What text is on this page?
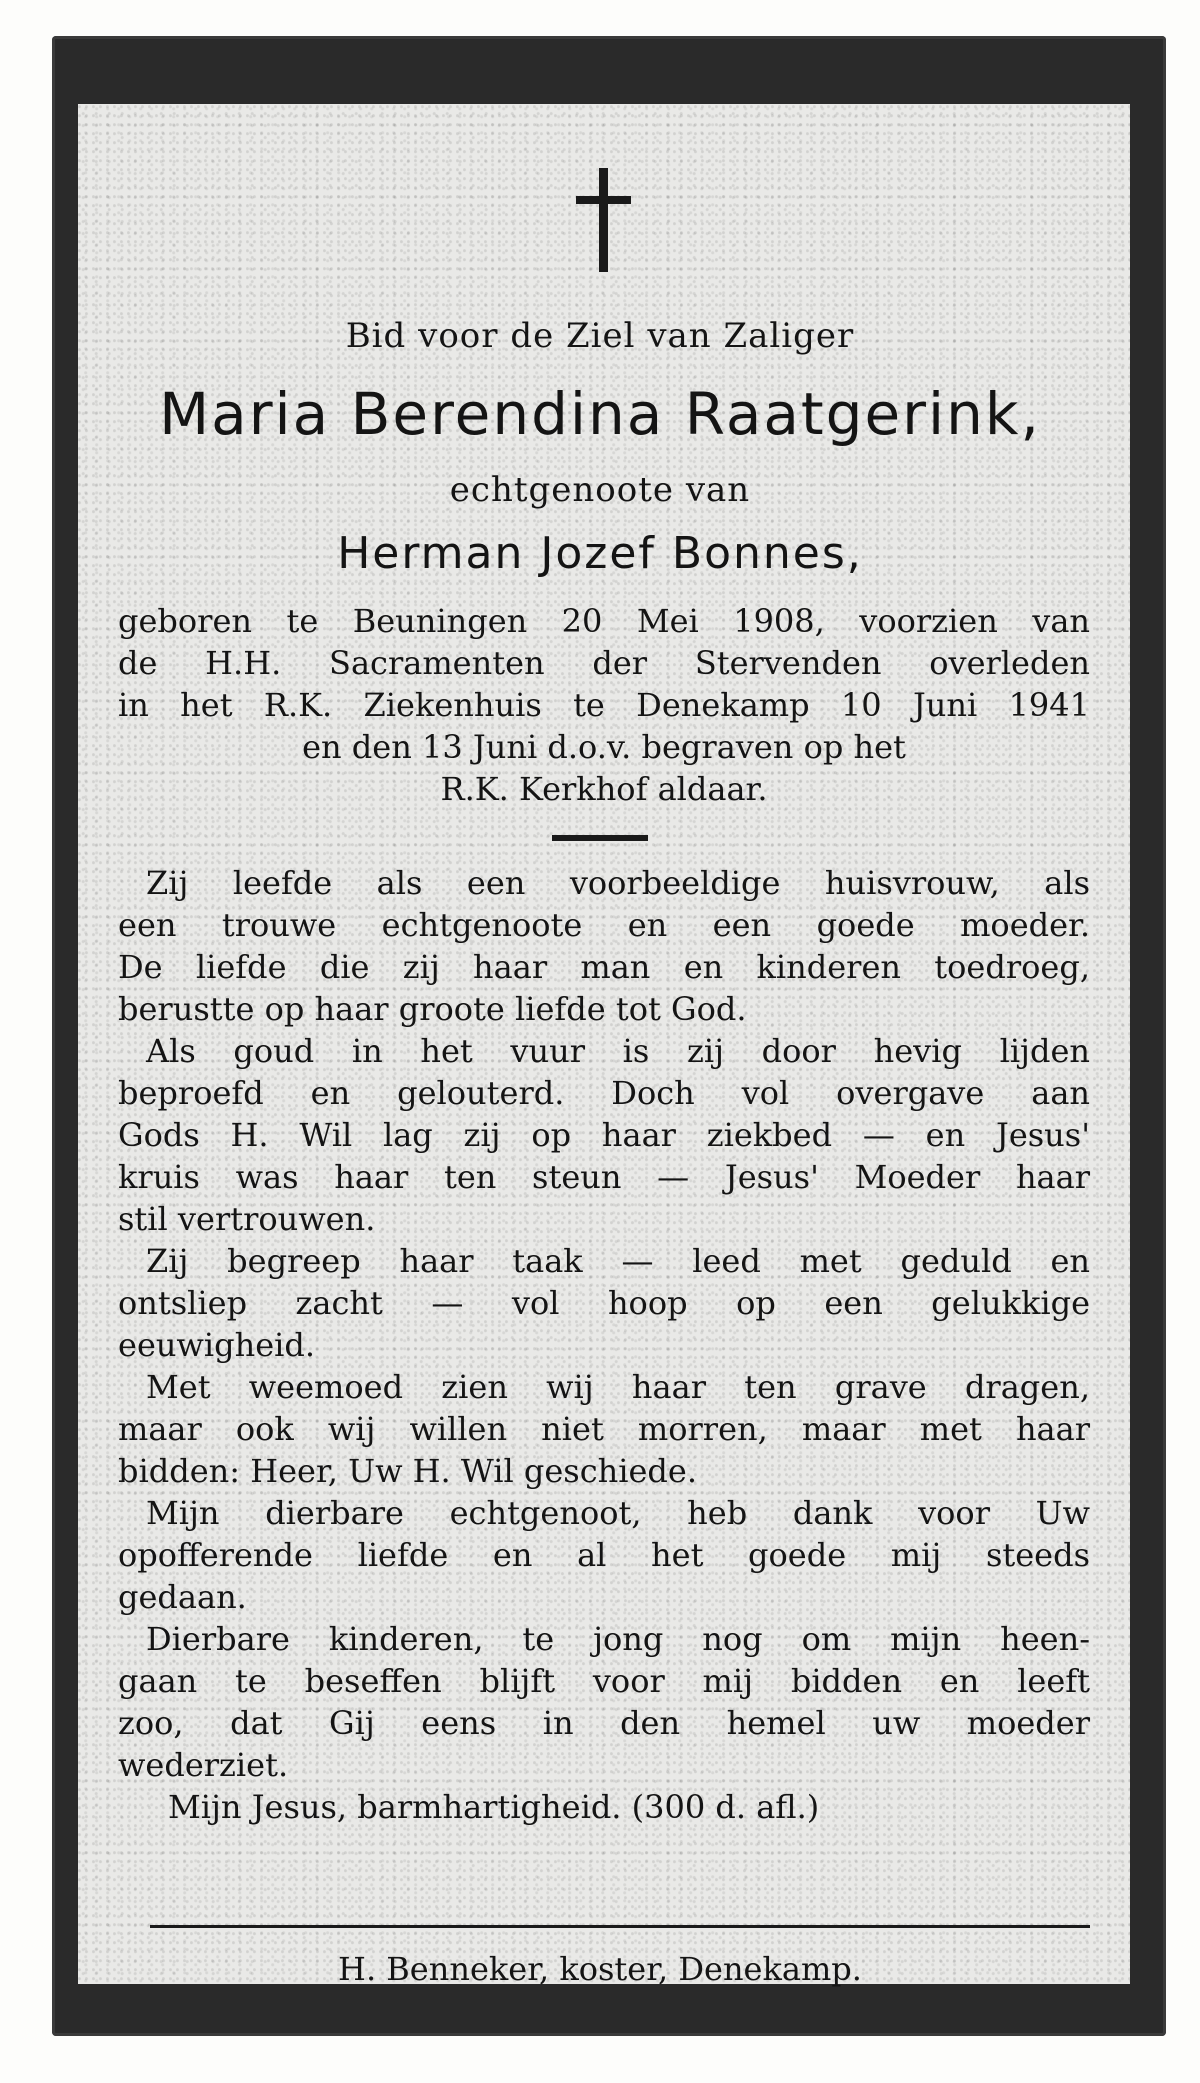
Bid voor de Ziel van Zaliger
Maria Berendina Raatgerink,
echtgenoote van
Herman Jozef Bonnes,
geboren te Beuningen 20 Mei 1908, voorzien van
de H.H. Sacramenten der Stervenden overleden
in het R.K. Ziekenhuis te Denekamp 10 Juni 1941
en den 13 Juni d.o.v. begraven op het
R.K. Kerkhof aldaar.
Zij leefde als een voorbeeldige huisvrouw, als
een trouwe echtgenoote en een goede moeder.
De liefde die zij haar man en kinderen toedroeg,
berustte op haar groote liefde tot God.
Als goud in het vuur is zij door hevig lijden
beproefd en gelouterd. Doch vol overgave aan
Gods H. Wil lag zij op haar ziekbed — en Jesus'
kruis was haar ten steun — Jesus' Moeder haar
stil vertrouwen.
Zij begreep haar taak — leed met geduld en
ontsliep zacht — vol hoop op een gelukkige
eeuwigheid.
Met weemoed zien wij haar ten grave dragen,
maar ook wij willen niet morren, maar met haar
bidden: Heer, Uw H. Wil geschiede.
Mijn dierbare echtgenoot, heb dank voor Uw
opofferende liefde en al het goede mij steeds
gedaan.
Dierbare kinderen, te jong nog om mijn heen-
gaan te beseffen blijft voor mij bidden en leeft
zoo, dat Gij eens in den hemel uw moeder
wederziet.
Mijn Jesus, barmhartigheid. (300 d. afl.)
H. Benneker, koster, Denekamp.
